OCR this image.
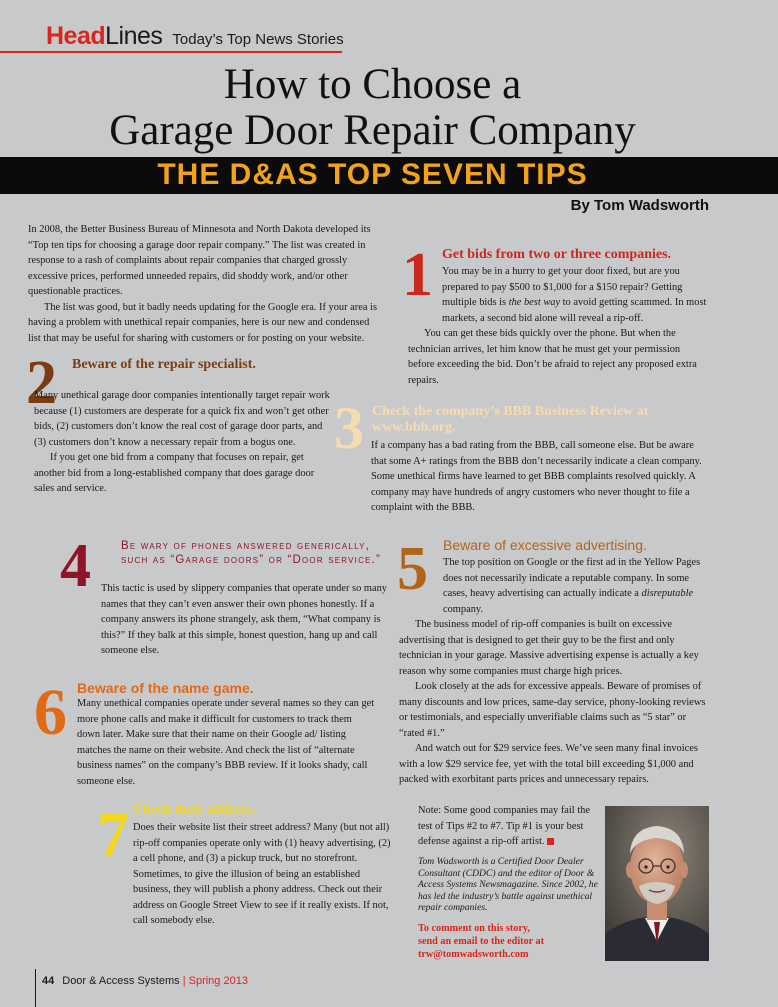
HeadLines Today’s Top News Stories
How to Choose a
Garage Door Repair Company
THE D&AS TOP SEVEN TIPS
By Tom Wadsworth

In 2008, the Better Business Bureau of Minnesota and North Dakota developed its “Top ten tips for choosing a garage door repair company.” The list was created in response to a rash of complaints about repair companies that charged grossly excessive prices, performed unneeded repairs, did shoddy work, and/or other questionable practices.

The list was good, but it badly needs updating for the Google era. If your area is having a problem with unethical repair companies, here is our new and condensed list that may be useful for sharing with customers or for posting on your website.

1 Get bids from two or three companies.

You may be in a hurry to get your door fixed, but are you prepared to pay $500 to $1,000 for a $150 repair? Getting multiple bids is the best way to avoid getting scammed. In most markets, a second bid alone will reveal a rip-off.

You can get these bids quickly over the phone. But when the technician arrives, let him know that he must get your permission before exceeding the bid. Don’t be afraid to reject any proposed extra repairs.

2 Beware of the repair specialist.

Many unethical garage door companies intentionally target repair work because (1) customers are desperate for a quick fix and won’t get other bids, (2) customers don’t know the real cost of garage door parts, and (3) customers don’t know a necessary repair from a bogus one.

If you get one bid from a company that focuses on repair, get another bid from a long-established company that does garage door sales and service.

3 Check the company’s BBB Business Review at www.bbb.org.

If a company has a bad rating from the BBB, call someone else. But be aware that some A+ ratings from the BBB don’t necessarily indicate a clean company. Some unethical firms have learned to get BBB complaints resolved quickly. A company may have hundreds of angry customers who never thought to file a complaint with the BBB.

4	Be wary of phones answered generically, such as “Garage doors” or “Door service.”

This tactic is used by slippery companies that operate under so many names that they can’t even answer their own phones honestly. If a company answers its phone strangely, ask them, “What company is this?” If they balk at this simple, honest question, hang up and call someone else.

5 Beware of excessive advertising.

The top position on Google or the first ad in the Yellow Pages does not necessarily indicate a reputable company. In some cases, heavy advertising can actually indicate a disreputable company.

The business model of rip-off companies is built on excessive advertising that is designed to get their guy to be the first and only technician in your garage. Massive advertising expense is actually a key reason why some companies must charge high prices.

Look closely at the ads for excessive appeals. Beware of promises of many discounts and low prices, same-day service, phony-looking reviews or testimonials, and especially unverifiable claims such as “5 star” or “rated #1.”

And watch out for $29 service fees. We’ve seen many final invoices with a low $29 service fee, yet with the total bill exceeding $1,000 and packed with exorbitant parts prices and unnecessary repairs.

6 Beware of the name game.

Many unethical companies operate under several names so they can get more phone calls and make it difficult for customers to track them down later. Make sure that their name on their Google ad/ listing matches the name on their website. And check the list of “alternate business names” on the company’s BBB review. If it looks shady, call someone else.

7 Check their address.

Does their website list their street address? Many (but not all) rip-off companies operate only with (1) heavy advertising, (2) a cell phone, and (3) a pickup truck, but no storefront. Sometimes, to give the illusion of being an established business, they will publish a phony address. Check out their address on Google Street View to see if it really exists. If not, call somebody else.

Note: Some good companies may fail the test of Tips #2 to #7. Tip #1 is your best defense against a rip-off artist.
Tom Wadsworth is a Certified Door Dealer Consultant (CDDC) and the editor of Door & Access Systems Newsmagazine. Since 2002, he has led the industry’s battle against unethical repair companies.
To comment on this story,
send an email to the editor at
trw@tomwadsworth.com
44 Door & Access Systems | Spring 2013
